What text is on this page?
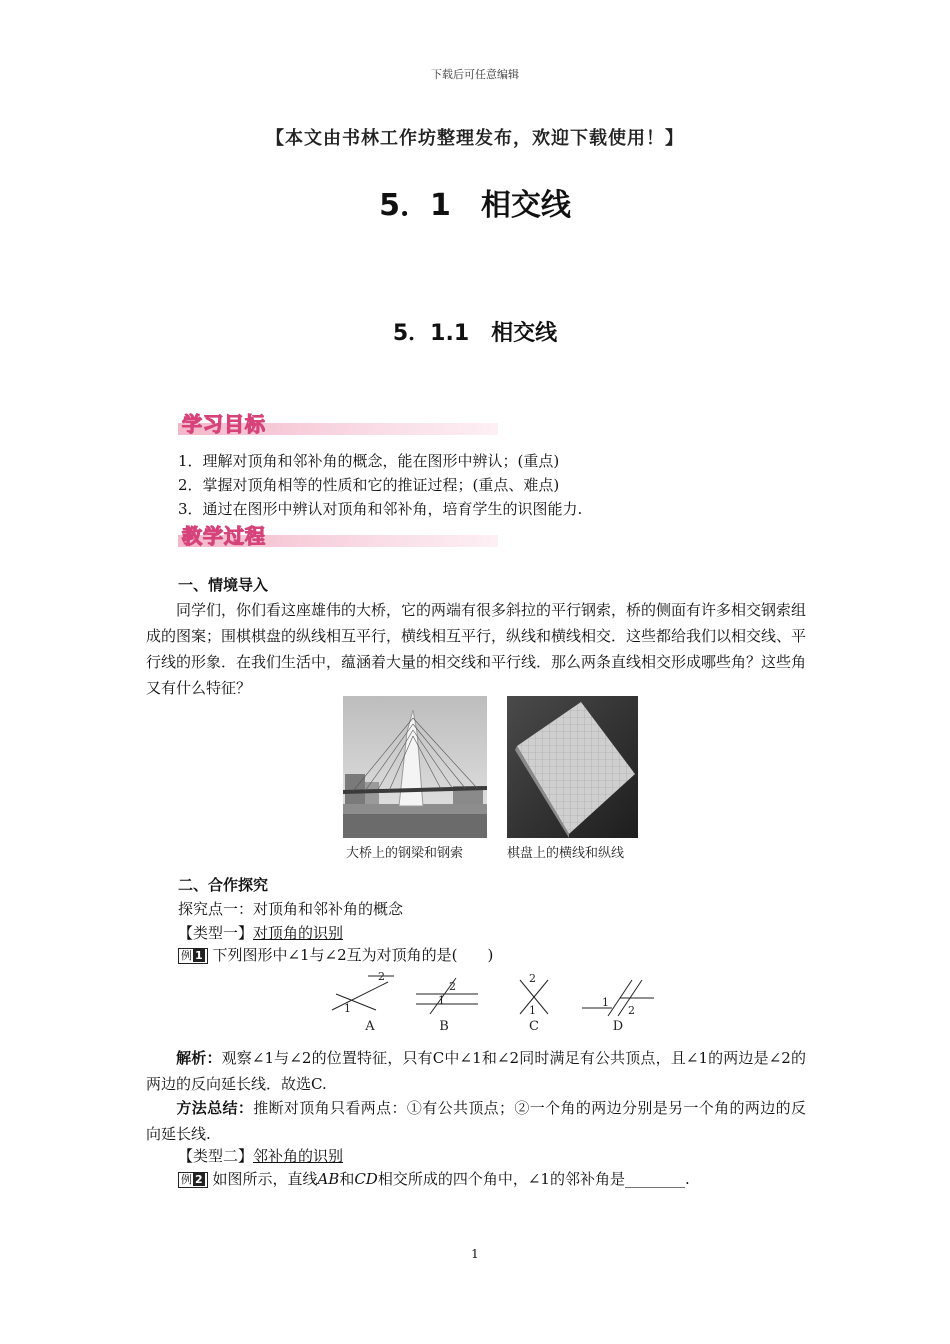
下载后可任意编辑
【本文由书林工作坊整理发布，欢迎下载使用！】
5．1　相交线
5．1.1　相交线
学习目标
1．理解对顶角和邻补角的概念，能在图形中辨认；(重点)
2．掌握对顶角相等的性质和它的推证过程；(重点、难点)
3．通过在图形中辨认对顶角和邻补角，培育学生的识图能力.
教学过程
一、情境导入
同学们，你们看这座雄伟的大桥，它的两端有很多斜拉的平行钢索，桥的侧面有许多相交钢索组成的图案；围棋棋盘的纵线相互平行，横线相互平行，纵线和横线相交．这些都给我们以相交线、平行线的形象．在我们生活中，蕴涵着大量的相交线和平行线．那么两条直线相交形成哪些角？这些角又有什么特征？
大桥上的钢梁和钢索	棋盘上的横线和纵线
二、合作探究
探究点一：对顶角和邻补角的概念
【类型一】对顶角的识别
例 1 下列图形中∠1与∠2互为对顶角的是(　　)
1
2
1
2
2
1
1
2
A	B	C	D
解析：观察∠1与∠2的位置特征，只有C中∠1和∠2同时满足有公共顶点，且∠1的两边是∠2的两边的反向延长线．故选C.
方法总结：推断对顶角只看两点：①有公共顶点；②一个角的两边分别是另一个角的两边的反向延长线.
【类型二】邻补角的识别
例 2 如图所示，直线AB和CD相交所成的四个角中，∠1的邻补角是________.
1
